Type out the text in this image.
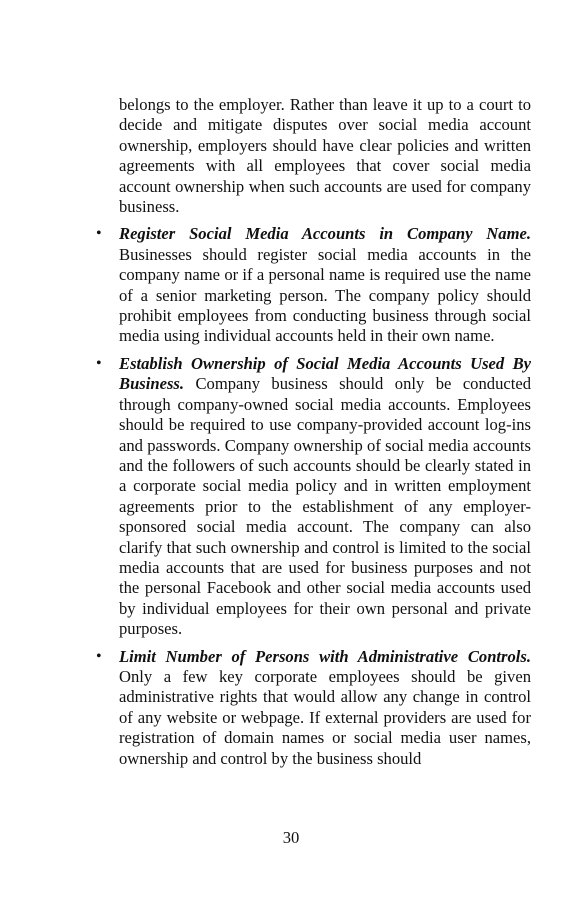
belongs to the employer. Rather than leave it up to a court to decide and mitigate disputes over social media account ownership, employers should have clear policies and written agreements with all employees that cover social media account ownership when such accounts are used for company business.

• Register Social Media Accounts in Company Name. Businesses should register social media accounts in the company name or if a personal name is required use the name of a senior marketing person. The company policy should prohibit employees from conducting business through social media using individual accounts held in their own name.
• Establish Ownership of Social Media Accounts Used By Business. Company business should only be conducted through company-owned social media accounts. Employees should be required to use company-provided account log-ins and passwords. Company ownership of social media accounts and the followers of such accounts should be clearly stated in a corporate social media policy and in written employment agreements prior to the establishment of any employer-sponsored social media account. The company can also clarify that such ownership and control is limited to the social media accounts that are used for business purposes and not the personal Facebook and other social media accounts used by individual employees for their own personal and private purposes.
• Limit Number of Persons with Administrative Controls. Only a few key corporate employees should be given administrative rights that would allow any change in control of any website or webpage. If external providers are used for registration of domain names or social media user names, ownership and control by the business should
30
